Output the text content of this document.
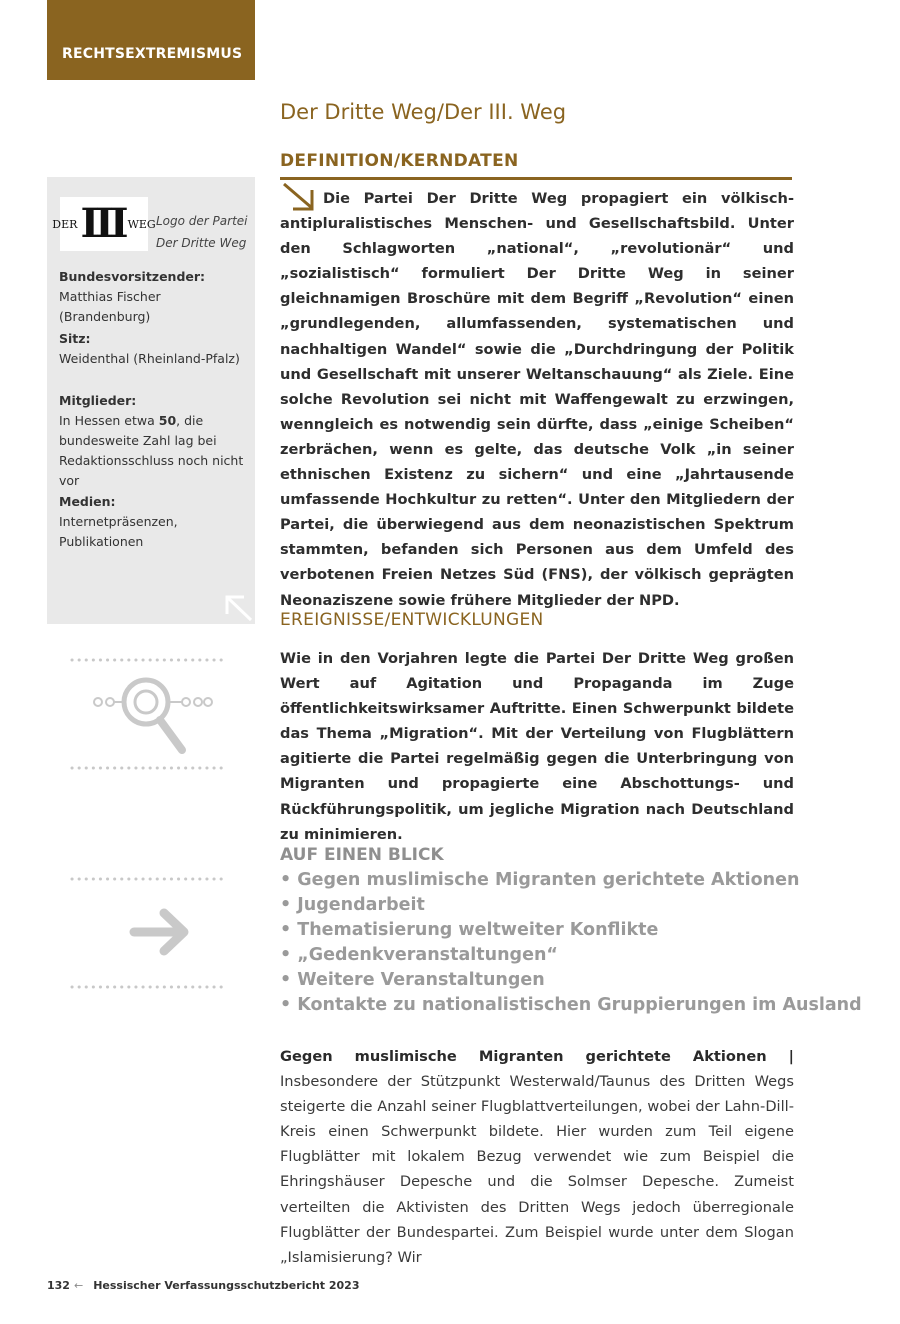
RECHTSEXTREMISMUS
Der Dritte Weg/Der III. Weg
DEFINITION/KERNDATEN

Die Partei Der Dritte Weg propagiert ein völkisch-antipluralistisches Menschen- und Gesellschaftsbild. Unter den Schlagworten „national“, „revolutionär“ und „sozialistisch“ formuliert Der Dritte Weg in seiner gleichnamigen Broschüre mit dem Begriff „Revolution“ einen „grundlegenden, allumfassenden, systematischen und nachhaltigen Wandel“ sowie die „Durchdringung der Politik und Gesellschaft mit unserer Weltanschauung“ als Ziele. Eine solche Revolution sei nicht mit Waffengewalt zu erzwingen, wenngleich es notwendig sein dürfte, dass „einige Scheiben“ zerbrächen, wenn es gelte, das deutsche Volk „in seiner ethnischen Existenz zu sichern“ und eine „Jahrtausende umfassende Hochkultur zu retten“. Unter den Mitgliedern der Partei, die überwiegend aus dem neonazistischen Spektrum stammten, befanden sich Personen aus dem Umfeld des verbotenen Freien Netzes Süd (FNS), der völkisch geprägten Neonaziszene sowie frühere Mitglieder der NPD.

DER III WEG Logo der Partei Der Dritte Weg
Bundesvorsitzender:
Matthias Fischer (Brandenburg)
Sitz:
Weidenthal (Rheinland-Pfalz)
Mitglieder:
In Hessen etwa 50, die bundesweite Zahl lag bei Redaktionsschluss noch nicht vor
Medien:
Internetpräsenzen, Publikationen
EREIGNISSE/ENTWICKLUNGEN

Wie in den Vorjahren legte die Partei Der Dritte Weg großen Wert auf Agitation und Propaganda im Zuge öffentlichkeitswirksamer Auftritte. Einen Schwerpunkt bildete das Thema „Migration“. Mit der Verteilung von Flugblättern agitierte die Partei regelmäßig gegen die Unterbringung von Migranten und propagierte eine Abschottungs- und Rückführungspolitik, um jegliche Migration nach Deutschland zu minimieren.

AUF EINEN BLICK
• Gegen muslimische Migranten gerichtete Aktionen
• Jugendarbeit
• Thematisierung weltweiter Konflikte
• „Gedenkveranstaltungen“
• Weitere Veranstaltungen
• Kontakte zu nationalistischen Gruppierungen im Ausland

Gegen muslimische Migranten gerichtete Aktionen | Insbesondere der Stützpunkt Westerwald/Taunus des Dritten Wegs steigerte die Anzahl seiner Flugblattverteilungen, wobei der Lahn-Dill-Kreis einen Schwerpunkt bildete. Hier wurden zum Teil eigene Flugblätter mit lokalem Bezug verwendet wie zum Beispiel die Ehringshäuser Depesche und die Solmser Depesche. Zumeist verteilten die Aktivisten des Dritten Wegs jedoch überregionale Flugblätter der Bundespartei. Zum Beispiel wurde unter dem Slogan „Islamisierung? Wir

132 ← Hessischer Verfassungsschutzbericht 2023
